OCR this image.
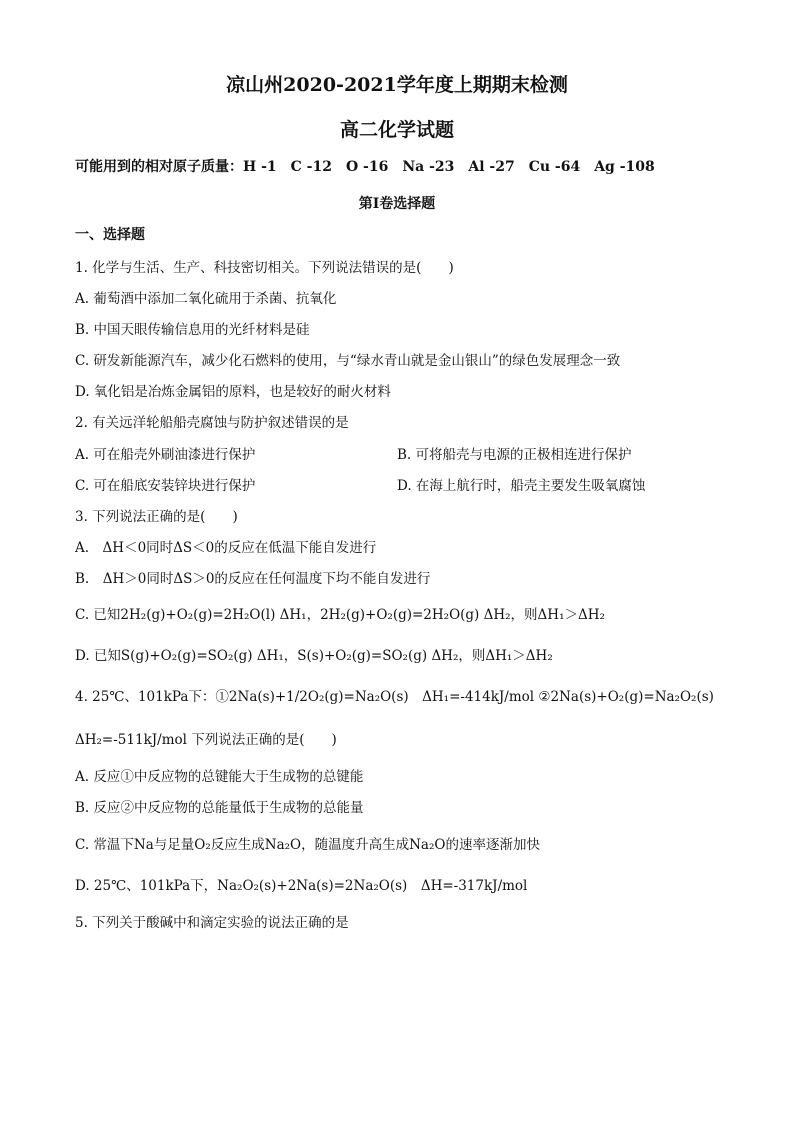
凉山州2020-2021学年度上期期末检测
高二化学试题
可能用到的相对原子质量：H -1　C -12　O -16　Na -23　Al -27　Cu -64　Ag -108
第I卷选择题
一、选择题
1. 化学与生活、生产、科技密切相关。下列说法错误的是(　　)
A. 葡萄酒中添加二氧化硫用于杀菌、抗氧化
B. 中国天眼传输信息用的光纤材料是硅
C. 研发新能源汽车，减少化石燃料的使用，与“绿水青山就是金山银山”的绿色发展理念一致
D. 氧化铝是冶炼金属铝的原料，也是较好的耐火材料
2. 有关远洋轮船船壳腐蚀与防护叙述错误的是
A. 可在船壳外刷油漆进行保护	B. 可将船壳与电源的正极相连进行保护
C. 可在船底安装锌块进行保护	D. 在海上航行时，船壳主要发生吸氧腐蚀
3. 下列说法正确的是(　　)
A.　ΔH＜0同时ΔS＜0的反应在低温下能自发进行
B.　ΔH＞0同时ΔS＞0的反应在任何温度下均不能自发进行
C. 已知2H₂(g)+O₂(g)=2H₂O(l) ΔH₁，2H₂(g)+O₂(g)=2H₂O(g) ΔH₂，则ΔH₁＞ΔH₂
D. 已知S(g)+O₂(g)=SO₂(g) ΔH₁，S(s)+O₂(g)=SO₂(g) ΔH₂，则ΔH₁＞ΔH₂
4. 25℃、101kPa下：①2Na(s)+1/2O₂(g)=Na₂O(s)　ΔH₁=-414kJ/mol ②2Na(s)+O₂(g)=Na₂O₂(s)
ΔH₂=-511kJ/mol 下列说法正确的是(　　)
A. 反应①中反应物的总键能大于生成物的总键能
B. 反应②中反应物的总能量低于生成物的总能量
C. 常温下Na与足量O₂反应生成Na₂O，随温度升高生成Na₂O的速率逐渐加快
D. 25℃、101kPa下，Na₂O₂(s)+2Na(s)=2Na₂O(s)　ΔH=-317kJ/mol
5. 下列关于酸碱中和滴定实验的说法正确的是
